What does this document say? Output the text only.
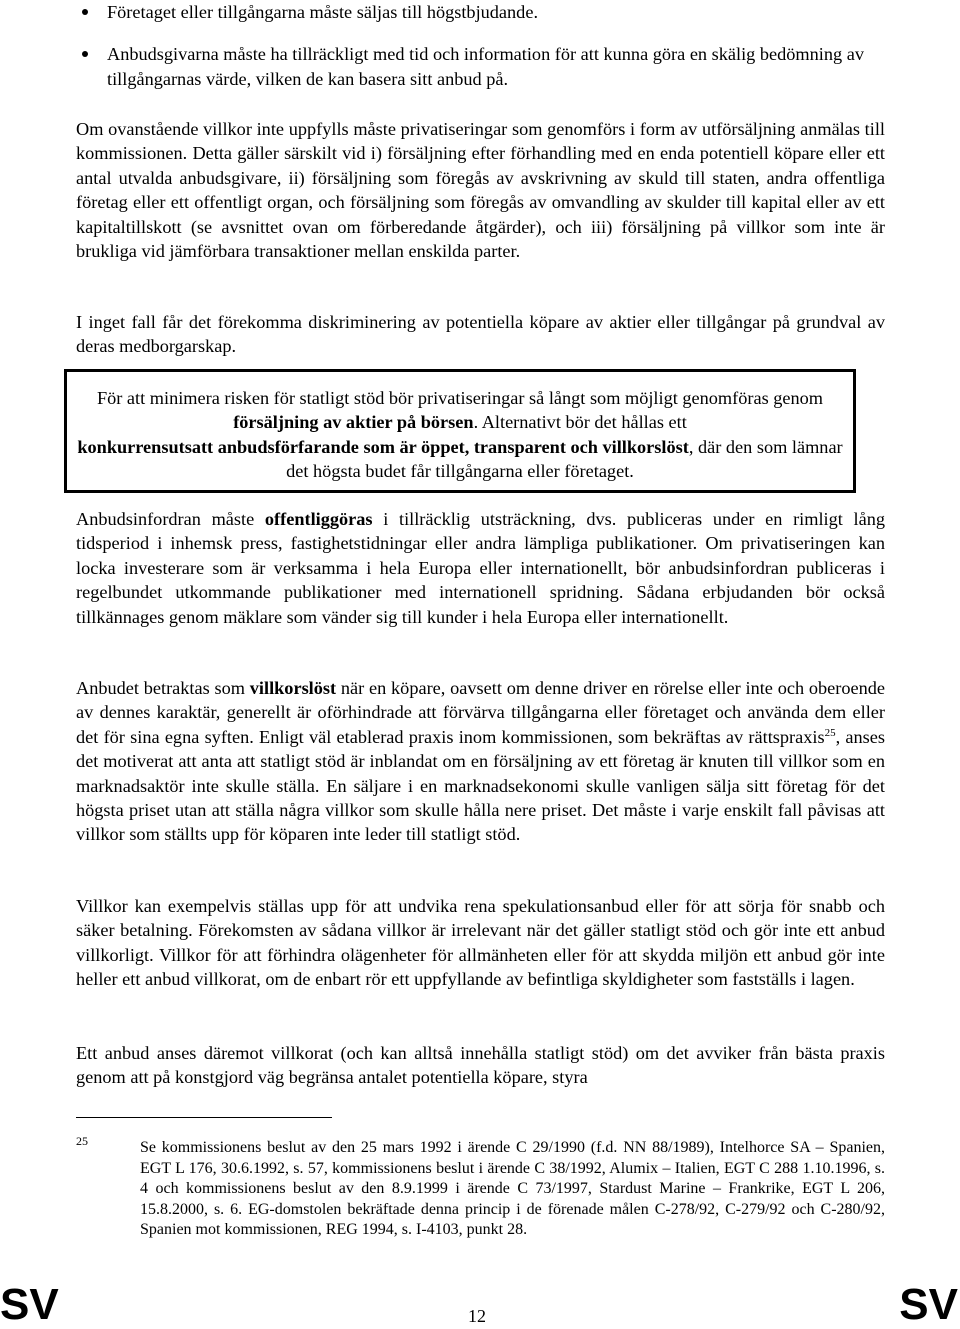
Företaget eller tillgångarna måste säljas till högstbjudande.
Anbudsgivarna måste ha tillräckligt med tid och information för att kunna göra en skälig bedömning av tillgångarnas värde, vilken de kan basera sitt anbud på.
Om ovanstående villkor inte uppfylls måste privatiseringar som genomförs i form av utförsäljning anmälas till kommissionen. Detta gäller särskilt vid i) försäljning efter förhandling med en enda potentiell köpare eller ett antal utvalda anbudsgivare, ii) försäljning som föregås av avskrivning av skuld till staten, andra offentliga företag eller ett offentligt organ, och försäljning som föregås av omvandling av skulder till kapital eller av ett kapitaltillskott (se avsnittet ovan om förberedande åtgärder), och iii) försäljning på villkor som inte är brukliga vid jämförbara transaktioner mellan enskilda parter.
I inget fall får det förekomma diskriminering av potentiella köpare av aktier eller tillgångar på grundval av deras medborgarskap.
För att minimera risken för statligt stöd bör privatiseringar så långt som möjligt genomföras genom försäljning av aktier på börsen. Alternativt bör det hållas ett
konkurrensutsatt anbudsförfarande som är öppet, transparent och villkorslöst, där den som lämnar det högsta budet får tillgångarna eller företaget.
Anbudsinfordran måste offentliggöras i tillräcklig utsträckning, dvs. publiceras under en rimligt lång tidsperiod i inhemsk press, fastighetstidningar eller andra lämpliga publikationer. Om privatiseringen kan locka investerare som är verksamma i hela Europa eller internationellt, bör anbudsinfordran publiceras i regelbundet utkommande publikationer med internationell spridning. Sådana erbjudanden bör också tillkännages genom mäklare som vänder sig till kunder i hela Europa eller internationellt.
Anbudet betraktas som villkorslöst när en köpare, oavsett om denne driver en rörelse eller inte och oberoende av dennes karaktär, generellt är oförhindrade att förvärva tillgångarna eller företaget och använda dem eller det för sina egna syften. Enligt väl etablerad praxis inom kommissionen, som bekräftas av rättspraxis$^{25}$, anses det motiverat att anta att statligt stöd är inblandat om en försäljning av ett företag är knuten till villkor som en marknadsaktör inte skulle ställa. En säljare i en marknadsekonomi skulle vanligen sälja sitt företag för det högsta priset utan att ställa några villkor som skulle hålla nere priset. Det måste i varje enskilt fall påvisas att villkor som ställts upp för köparen inte leder till statligt stöd.
Villkor kan exempelvis ställas upp för att undvika rena spekulationsanbud eller för att sörja för snabb och säker betalning. Förekomsten av sådana villkor är irrelevant när det gäller statligt stöd och gör inte ett anbud villkorligt. Villkor för att förhindra olägenheter för allmänheten eller för att skydda miljön ett anbud gör inte heller ett anbud villkorat, om de enbart rör ett uppfyllande av befintliga skyldigheter som fastställs i lagen.
Ett anbud anses däremot villkorat (och kan alltså innehålla statligt stöd) om det avviker från bästa praxis genom att på konstgjord väg begränsa antalet potentiella köpare, styra
25	Se kommissionens beslut av den 25 mars 1992 i ärende C 29/1990 (f.d. NN 88/1989), Intelhorce SA – Spanien, EGT L 176, 30.6.1992, s. 57, kommissionens beslut i ärende C 38/1992, Alumix – Italien, EGT C 288 1.10.1996, s. 4 och kommissionens beslut av den 8.9.1999 i ärende C 73/1997, Stardust Marine – Frankrike, EGT L 206, 15.8.2000, s. 6. EG-domstolen bekräftade denna princip i de förenade målen C-278/92, C-279/92 och C-280/92, Spanien mot kommissionen, REG 1994, s. I-4103, punkt 28.
SV	12	SV
